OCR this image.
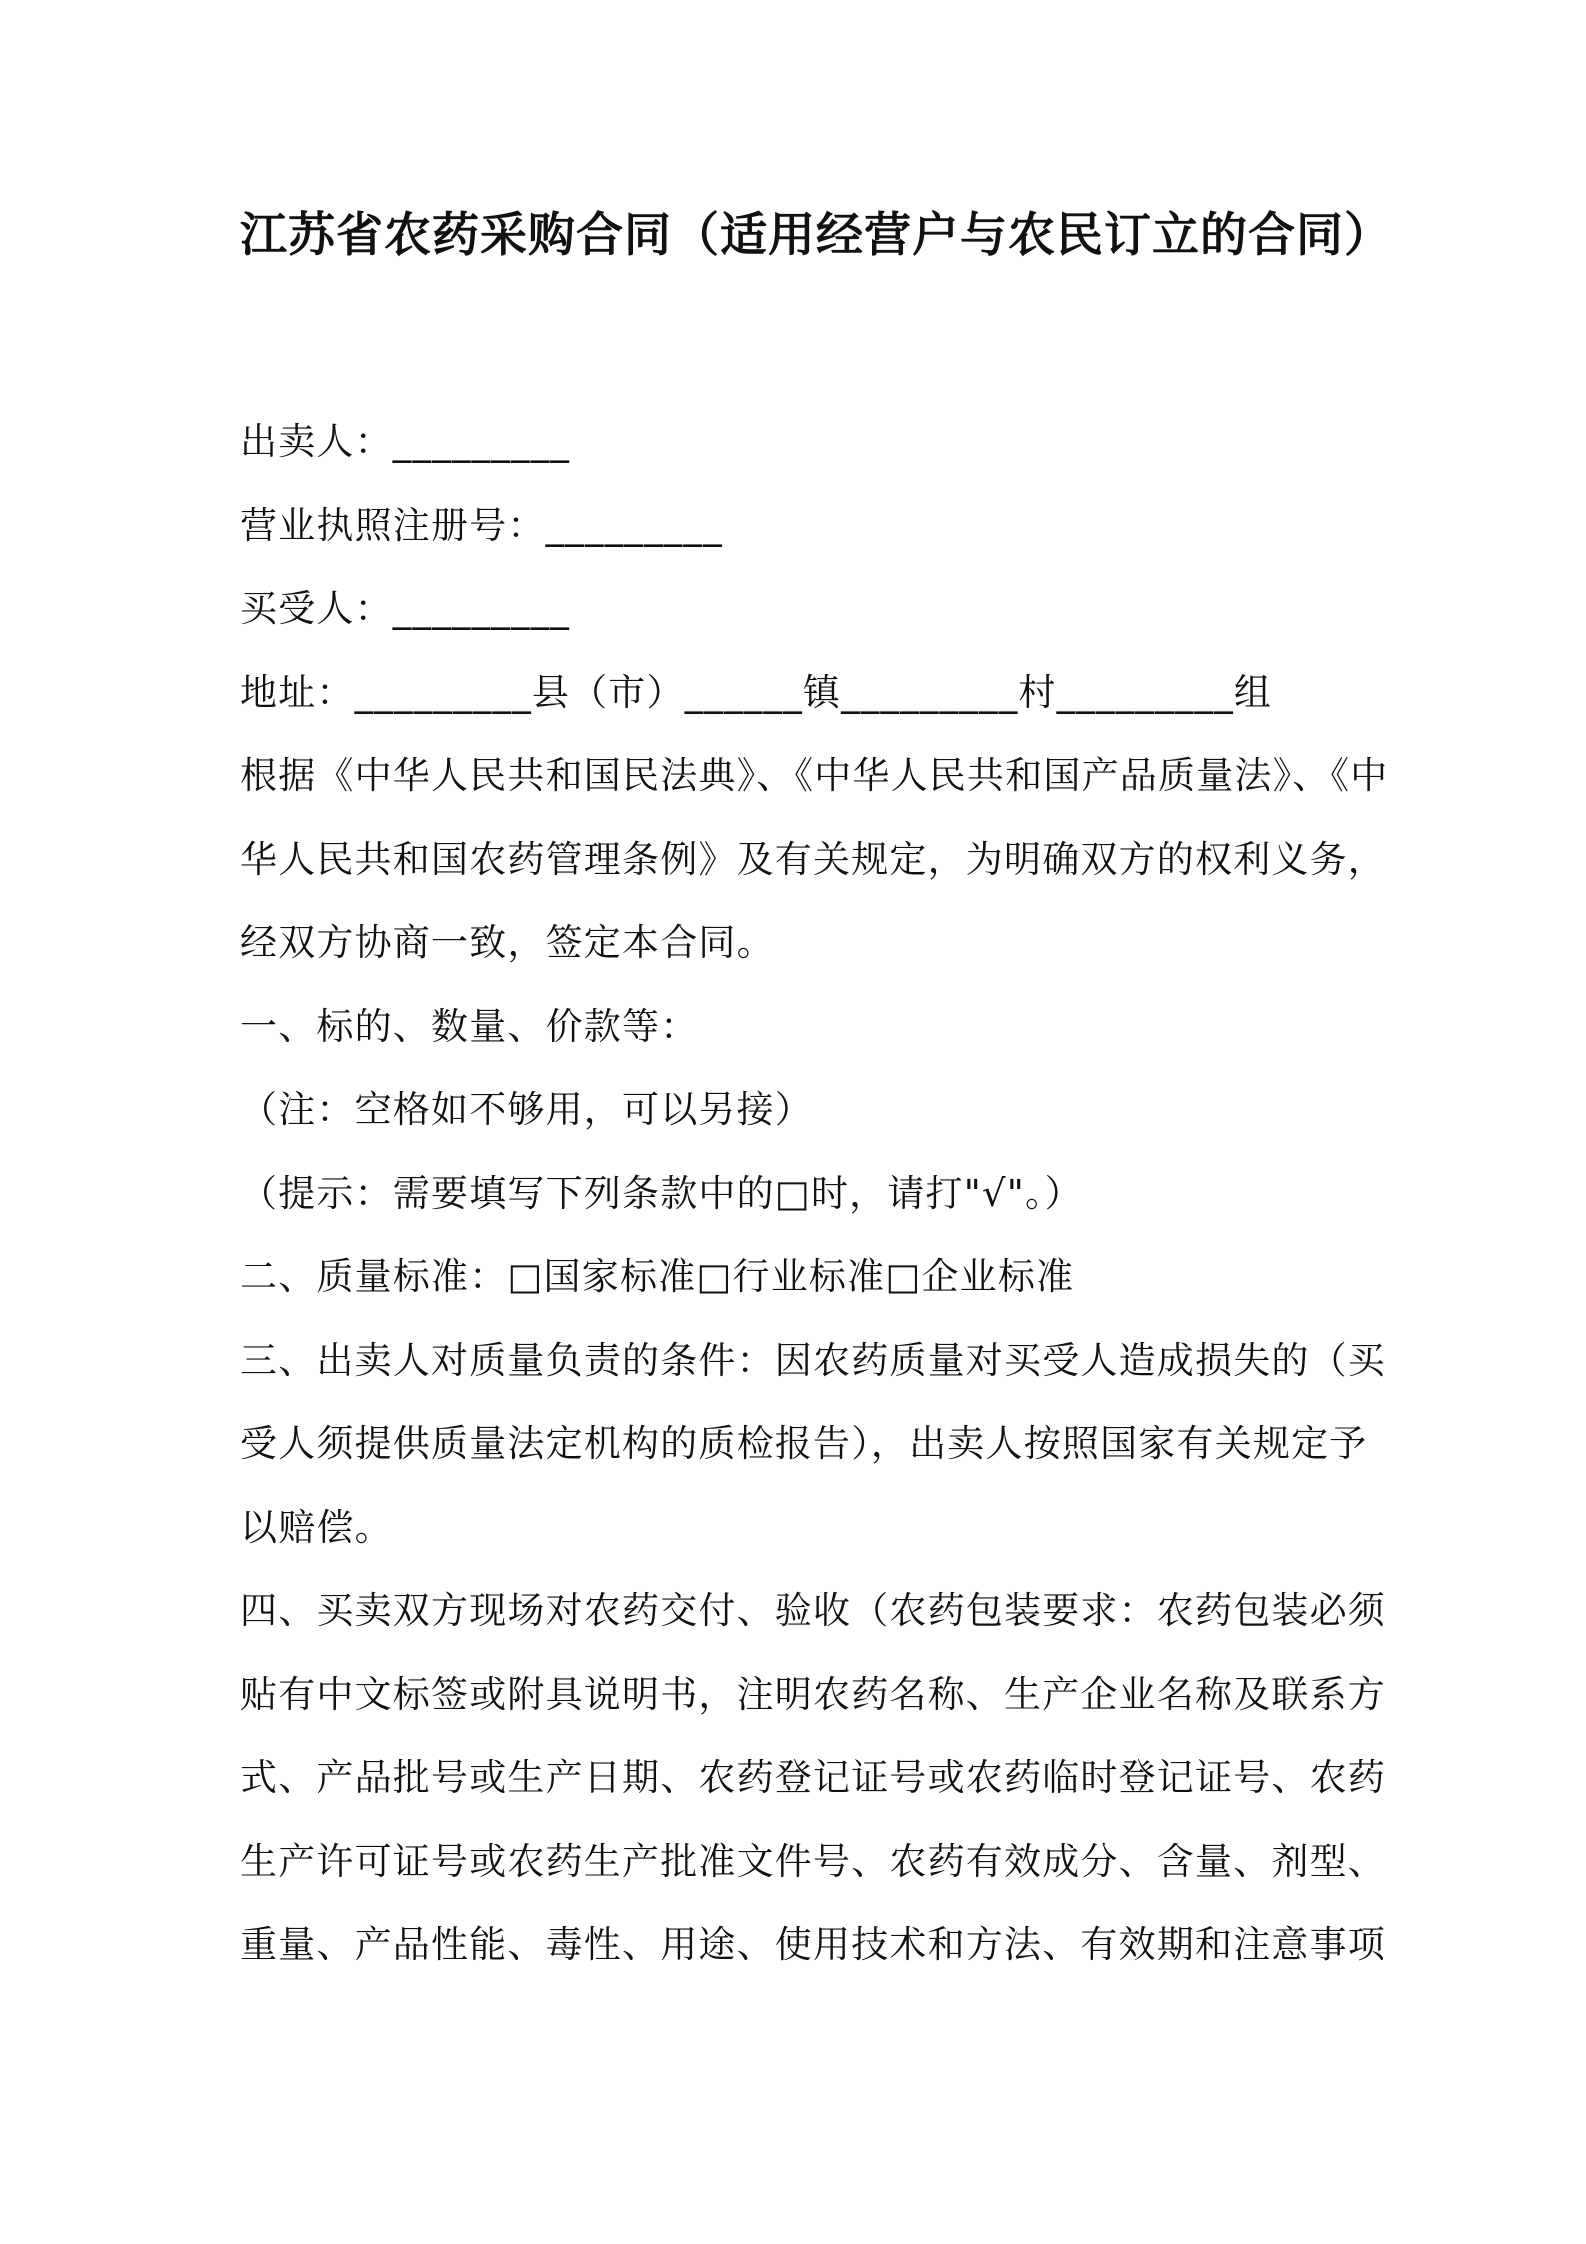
江苏省农药采购合同（适用经营户与农民订立的合同）
出卖人：_________
营业执照注册号：_________
买受人：_________
地址：_________县（市）______镇_________村_________组
根据《中华人民共和国民法典》、《中华人民共和国产品质量法》、《中
华人民共和国农药管理条例》及有关规定，为明确双方的权利义务，
经双方协商一致，签定本合同。
一、标的、数量、价款等：
（注：空格如不够用，可以另接）
（提示：需要填写下列条款中的□时，请打"√"。）
二、质量标准：□国家标准□行业标准□企业标准
三、出卖人对质量负责的条件：因农药质量对买受人造成损失的（买
受人须提供质量法定机构的质检报告），出卖人按照国家有关规定予
以赔偿。
四、买卖双方现场对农药交付、验收（农药包装要求：农药包装必须
贴有中文标签或附具说明书，注明农药名称、生产企业名称及联系方
式、产品批号或生产日期、农药登记证号或农药临时登记证号、农药
生产许可证号或农药生产批准文件号、农药有效成分、含量、剂型、
重量、产品性能、毒性、用途、使用技术和方法、有效期和注意事项
